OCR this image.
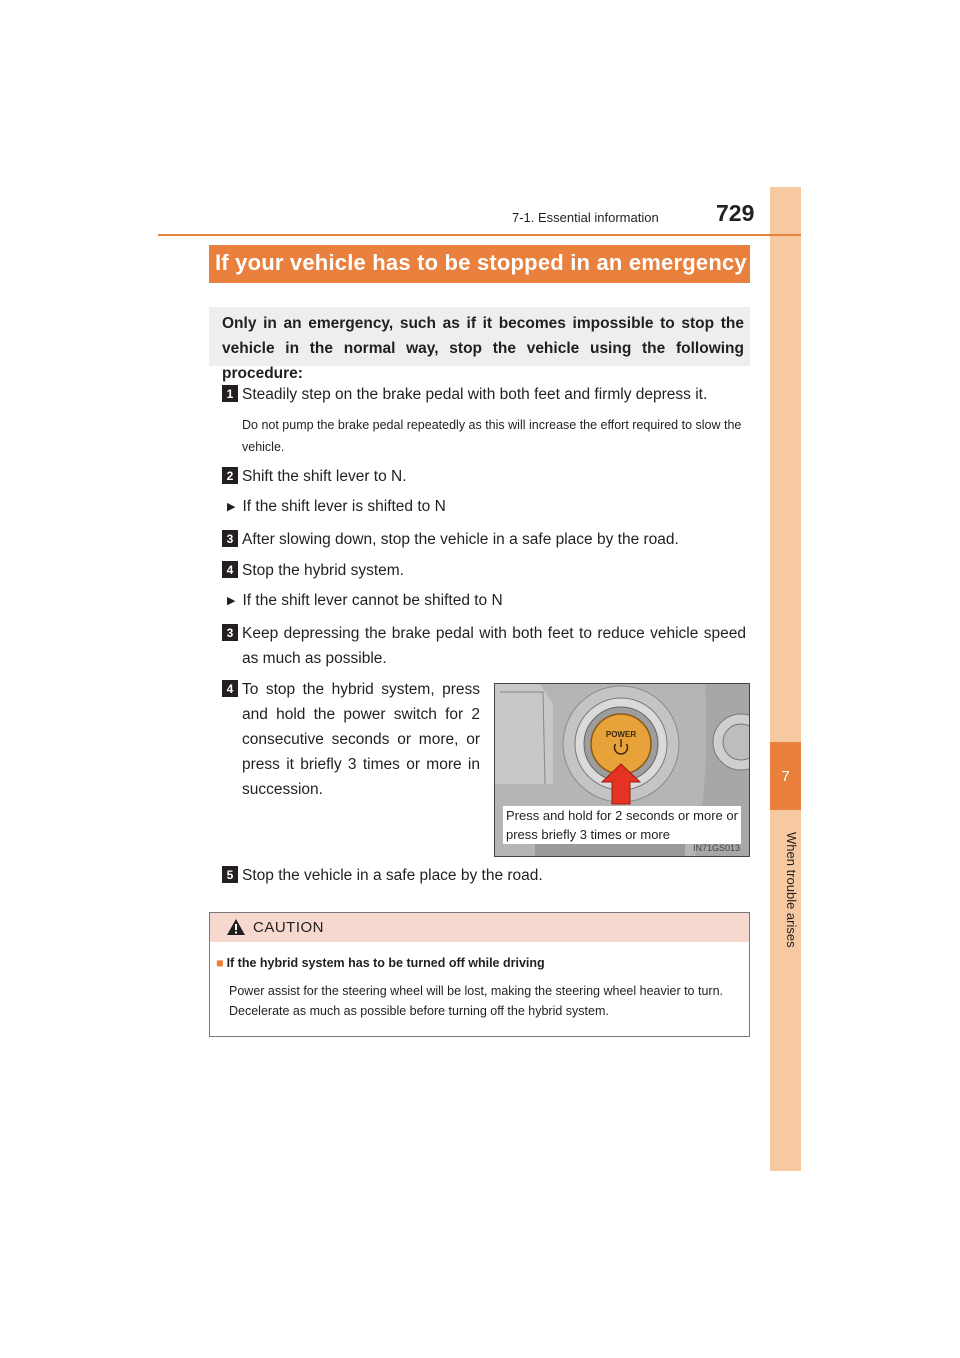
7
When trouble arises
7-1. Essential information 729
If your vehicle has to be stopped in an emergency
Only in an emergency, such as if it becomes impossible to stop the vehicle in the normal way, stop the vehicle using the following procedure:
1 Steadily step on the brake pedal with both feet and firmly depress it.
Do not pump the brake pedal repeatedly as this will increase the effort required to slow the vehicle.
2 Shift the shift lever to N.
▶ If the shift lever is shifted to N
3 After slowing down, stop the vehicle in a safe place by the road.
4 Stop the hybrid system.
▶ If the shift lever cannot be shifted to N
3 Keep depressing the brake pedal with both feet to reduce vehicle speed as much as possible.
4 To stop the hybrid system, press and hold the power switch for 2 consecutive seconds or more, or press it briefly 3 times or more in succession.
POWER
Press and hold for 2 seconds or more or press briefly 3 times or more
IN71GS013
5 Stop the vehicle in a safe place by the road.
CAUTION
■ If the hybrid system has to be turned off while driving
Power assist for the steering wheel will be lost, making the steering wheel heavier to turn. Decelerate as much as possible before turning off the hybrid system.
